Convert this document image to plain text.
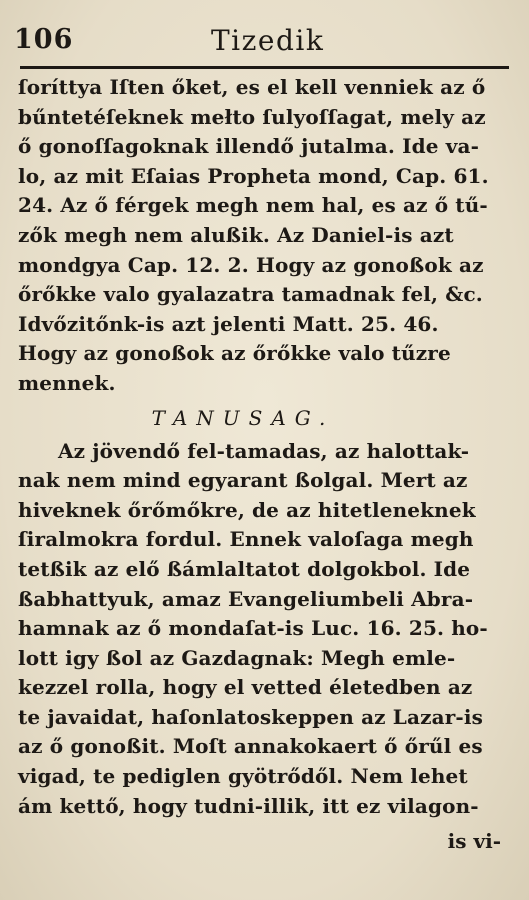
106	Tizedik
ſoríttya Iſten őket, es el kell venniek az ő
bűntetéſeknek mełto ſulyoſſagat, mely az
ő gonoſſagoknak illendő jutalma. Ide va-
lo, az mit Eſaias Propheta mond, Cap. 61.
24. Az ő férgek megh nem hal, es az ő tű-
zők megh nem alußik. Az Daniel-is azt
mondgya Cap. 12. 2. Hogy az gonoßok az
őrőkke valo gyalazatra tamadnak fel, &c.
Idvőzitőnk-is azt jelenti Matt. 25. 46.
Hogy az gonoßok az őrőkke valo tűzre
mennek.
TANUSAG.
Az jövendő fel-tamadas, az halottak-
nak nem mind egyarant ßolgal. Mert az
hiveknek őrőmőkre, de az hitetleneknek
ſiralmokra fordul. Ennek valoſaga megh
tetßik az elő ßámlaltatot dolgokbol. Ide
ßabhattyuk, amaz Evangeliumbeli Abra-
hamnak az ő mondaſat-is Luc. 16. 25. ho-
lott igy ßol az Gazdagnak: Megh emle-
kezzel rolla, hogy el vetted életedben az
te javaidat, haſonlatoskeppen az Lazar-is
az ő gonoßit. Moſt annakokaert ő őrűl es
vigad, te pediglen gyötrődől. Nem lehet
ám kettő, hogy tudni-illik, itt ez vilagon-
is vi-
